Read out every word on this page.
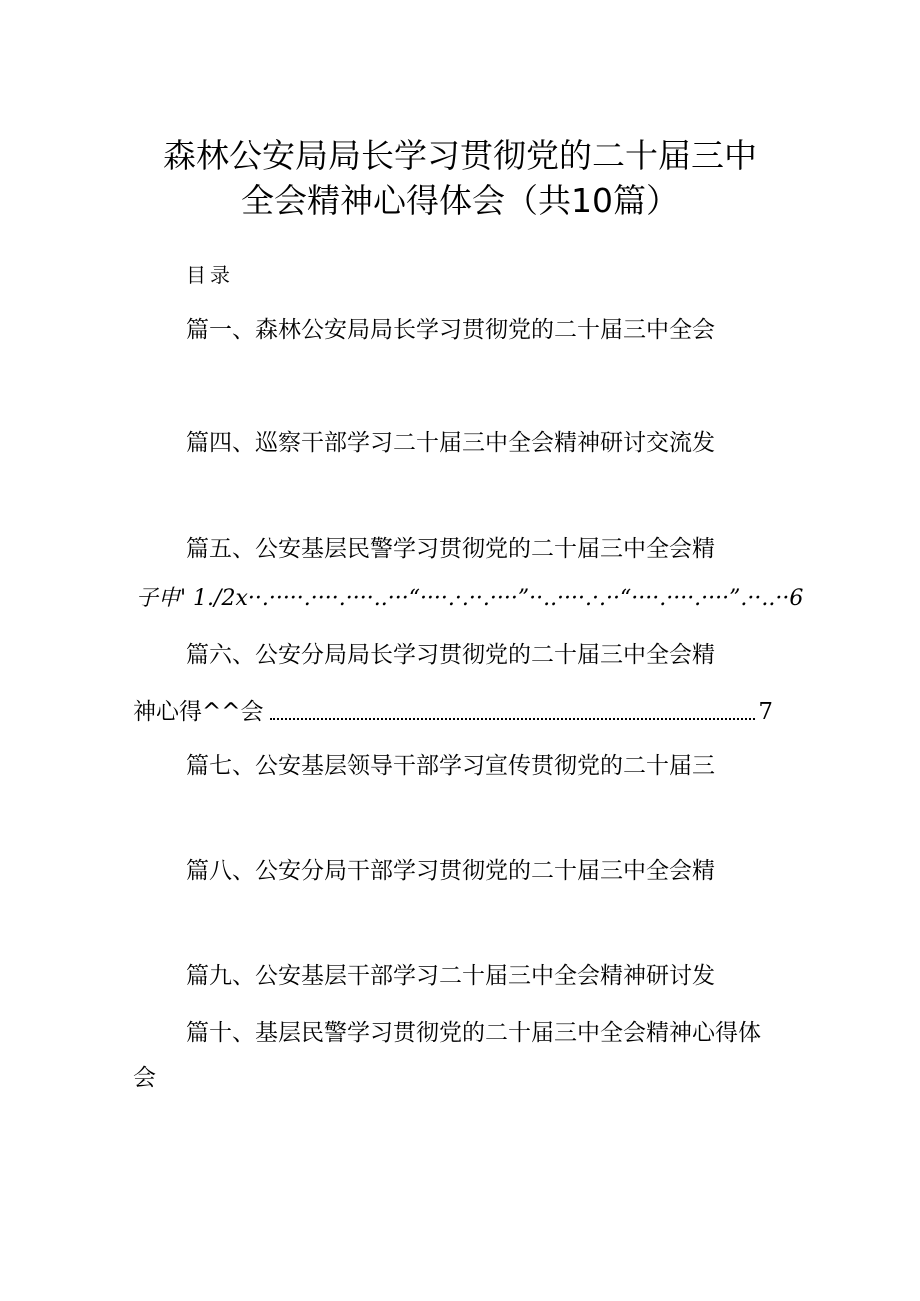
森林公安局局长学习贯彻党的二十届三中
全会精神心得体会（共10篇）
目录
篇一、森林公安局局长学习贯彻党的二十届三中全会
篇四、巡察干部学习二十届三中全会精神研讨交流发
篇五、公安基层民警学习贯彻党的二十届三中全会精
子申' 1./2x··.·····.····.····..···“····.·.··.····”··..····.·.··“····.····.····”.··..··6
篇六、公安分局局长学习贯彻党的二十届三中全会精
神心得^^会	7
篇七、公安基层领导干部学习宣传贯彻党的二十届三
篇八、公安分局干部学习贯彻党的二十届三中全会精
篇九、公安基层干部学习二十届三中全会精神研讨发
篇十、基层民警学习贯彻党的二十届三中全会精神心得体
会
